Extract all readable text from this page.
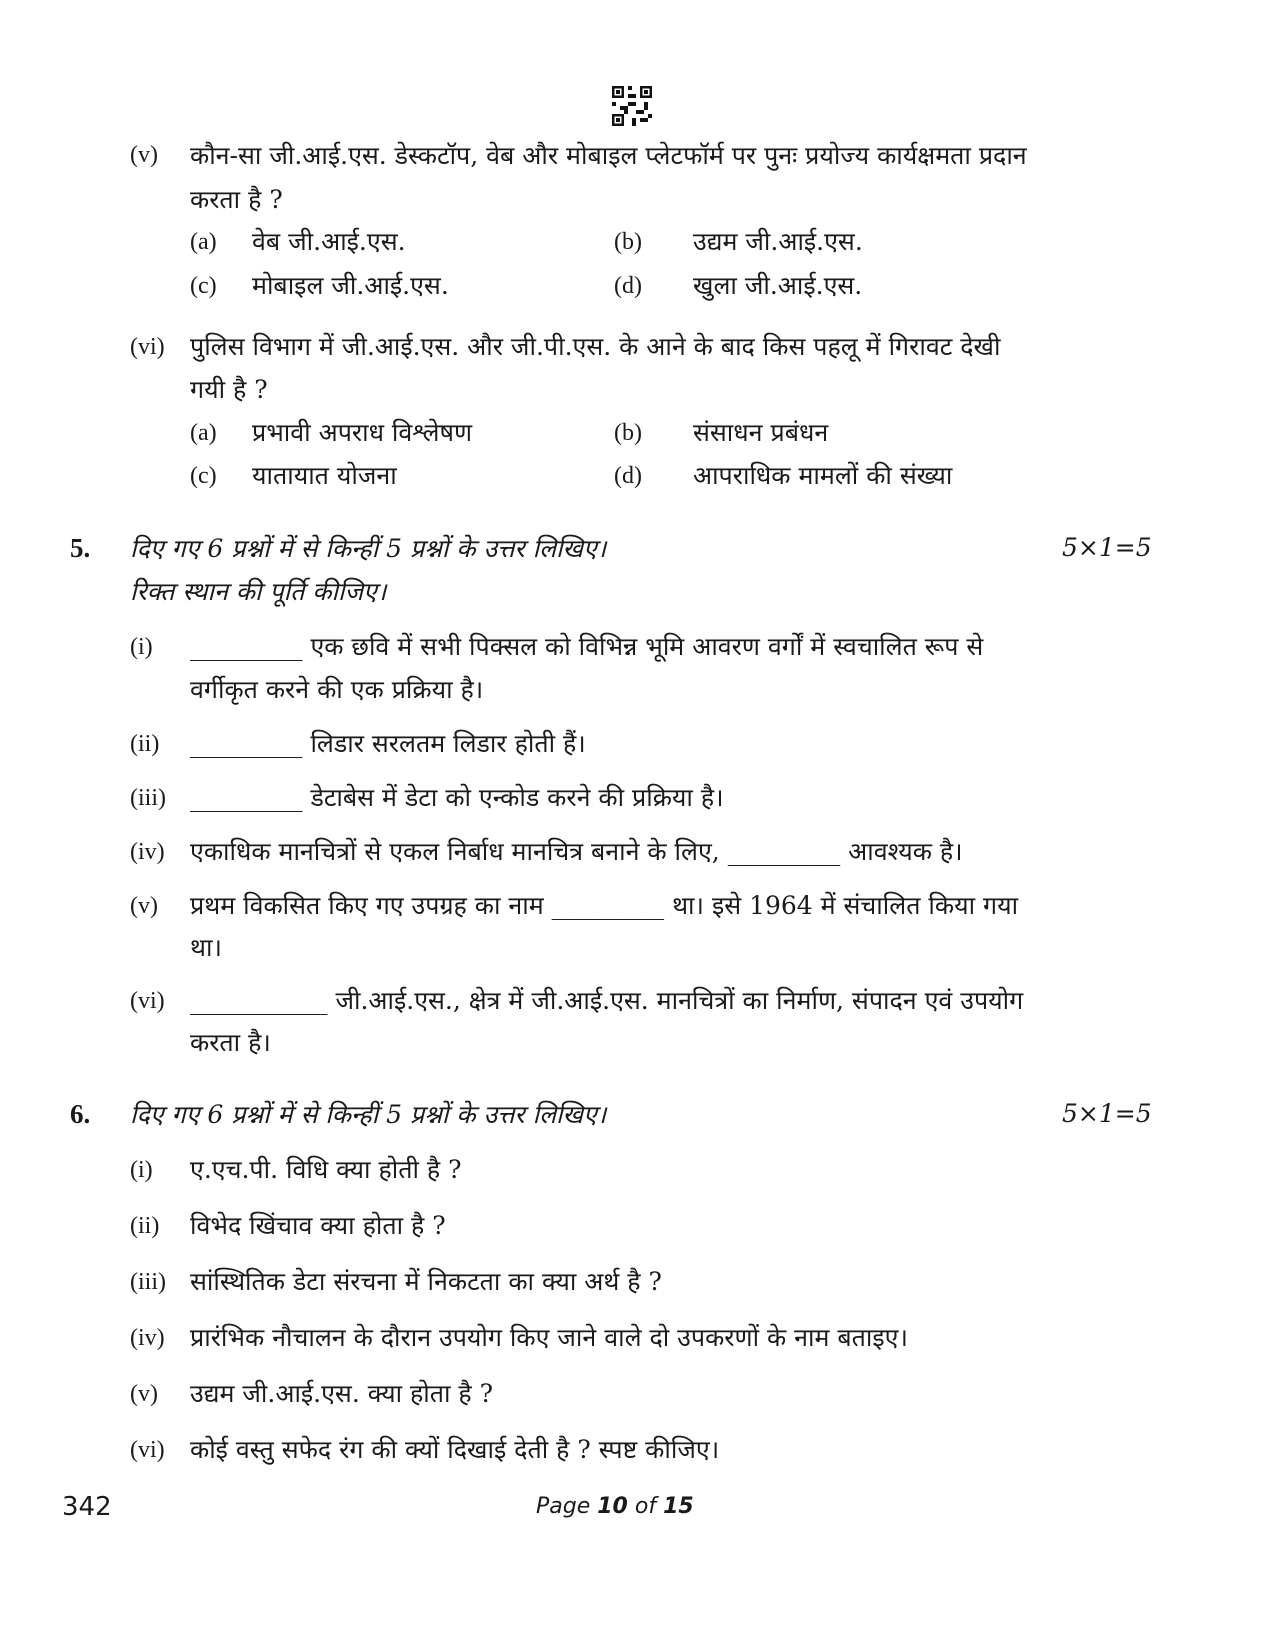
(v) कौन-सा जी.आई.एस. डेस्कटॉप, वेब और मोबाइल प्लेटफॉर्म पर पुनः प्रयोज्य कार्यक्षमता प्रदान
करता है ?
(a) वेब जी.आई.एस.	(b) उद्यम जी.आई.एस.
(c) मोबाइल जी.आई.एस.	(d) खुला जी.आई.एस.
(vi) पुलिस विभाग में जी.आई.एस. और जी.पी.एस. के आने के बाद किस पहलू में गिरावट देखी
गयी है ?
(a) प्रभावी अपराध विश्लेषण	(b) संसाधन प्रबंधन
(c) यातायात योजना	(d) आपराधिक मामलों की संख्या
5. दिए गए 6 प्रश्नों में से किन्हीं 5 प्रश्नों के उत्तर लिखिए।	5×1=5
रिक्त स्थान की पूर्ति कीजिए।
(i) _________ एक छवि में सभी पिक्सल को विभिन्न भूमि आवरण वर्गों में स्वचालित रूप से
वर्गीकृत करने की एक प्रक्रिया है।
(ii) _________ लिडार सरलतम लिडार होती हैं।
(iii) _________ डेटाबेस में डेटा को एन्कोड करने की प्रक्रिया है।
(iv) एकाधिक मानचित्रों से एकल निर्बाध मानचित्र बनाने के लिए, _________ आवश्यक है।
(v) प्रथम विकसित किए गए उपग्रह का नाम _________ था। इसे 1964 में संचालित किया गया
था।
(vi) ___________ जी.आई.एस., क्षेत्र में जी.आई.एस. मानचित्रों का निर्माण, संपादन एवं उपयोग
करता है।
6. दिए गए 6 प्रश्नों में से किन्हीं 5 प्रश्नों के उत्तर लिखिए।	5×1=5
(i) ए.एच.पी. विधि क्या होती है ?
(ii) विभेद खिंचाव क्या होता है ?
(iii) सांस्थितिक डेटा संरचना में निकटता का क्या अर्थ है ?
(iv) प्रारंभिक नौचालन के दौरान उपयोग किए जाने वाले दो उपकरणों के नाम बताइए।
(v) उद्यम जी.आई.एस. क्या होता है ?
(vi) कोई वस्तु सफेद रंग की क्यों दिखाई देती है ? स्पष्ट कीजिए।
342	Page 10 of 15
